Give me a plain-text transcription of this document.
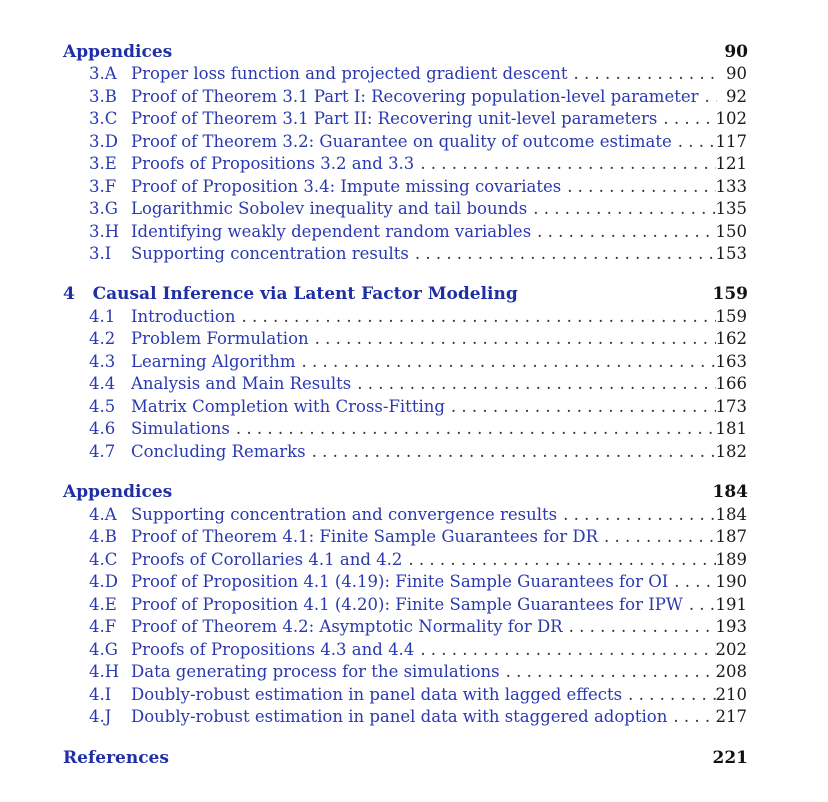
Appendices	90
3.A Proper loss function and projected gradient descent . . .	90
3.B Proof of Theorem 3.1 Part I: Recovering population-level parameter . . .	92
3.C Proof of Theorem 3.1 Part II: Recovering unit-level parameters . . .	102
3.D Proof of Theorem 3.2: Guarantee on quality of outcome estimate . . .	117
3.E Proofs of Propositions 3.2 and 3.3 . . .	121
3.F Proof of Proposition 3.4: Impute missing covariates . . .	133
3.G Logarithmic Sobolev inequality and tail bounds . . .	135
3.H Identifying weakly dependent random variables . . .	150
3.I	Supporting concentration results . . .	153
4   Causal Inference via Latent Factor Modeling	159
4.1 Introduction . . .	159
4.2 Problem Formulation . . .	162
4.3 Learning Algorithm . . .	163
4.4 Analysis and Main Results . . .	166
4.5 Matrix Completion with Cross-Fitting . . .	173
4.6 Simulations . . .	181
4.7 Concluding Remarks . . .	182
Appendices	184
4.A Supporting concentration and convergence results . . .	184
4.B Proof of Theorem 4.1: Finite Sample Guarantees for DR . . .	187
4.C Proofs of Corollaries 4.1 and 4.2 . . .	189
4.D Proof of Proposition 4.1 (4.19): Finite Sample Guarantees for OI . . .	190
4.E Proof of Proposition 4.1 (4.20): Finite Sample Guarantees for IPW . . . 191
4.F Proof of Theorem 4.2: Asymptotic Normality for DR . . .	193
4.G Proofs of Propositions 4.3 and 4.4 . . .	202
4.H Data generating process for the simulations . . .	208
4.I	Doubly-robust estimation in panel data with lagged effects . . .	210
4.J	Doubly-robust estimation in panel data with staggered adoption . . .	217
References	221
